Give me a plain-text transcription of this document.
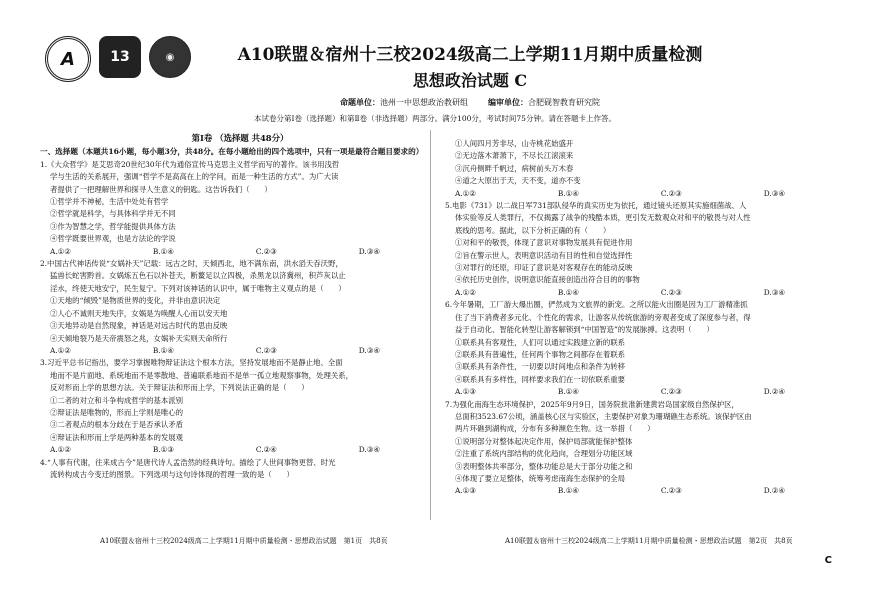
A	13	◉	A10联盟＆宿州十三校2024级高二上学期11月期中质量检测
思想政治试题 C
命题单位：池州一中思想政治教研组	编审单位：合肥砚智教育研究院
本试卷分第Ⅰ卷（选择题）和第Ⅱ卷（非选择题）两部分。满分100分，考试时间75分钟。请在答题卡上作答。
第Ⅰ卷 （选择题 共48分）
一、选择题（本题共16小题，每小题3分，共48分。在每小题给出的四个选项中，只有一项是最符合题目要求的）

1.《大众哲学》是艾思奇20世纪30年代为通俗宣传马克思主义哲学而写的著作。该书用浅哲

学与生活的关系展开，强调“哲学不是高高在上的学问，而是一种生活的方式”。为广大读

者提供了一把理解世界和探寻人生意义的钥匙。这告诉我们（　　）

①哲学并不神秘，生活中处处有哲学

②哲学就是科学，与具体科学并无不同

③作为智慧之学，哲学能提供具体方法

④哲学既要世界观，也是方法论的学说

A.①②	B.①④	C.②③	D.③④

2.中国古代神话传说“女娲补天”记载：远古之时，天倾西北，地不满东南，洪水滔天吞沃野，

猛兽长蛇害黔首。女娲炼五色石以补苍天，断鳌足以立四极，杀黑龙以济冀州，积芦灰以止

淫水，终使天地安宁，民生复宁。下列对该神话的认识中，属于唯物主义观点的是（　　）

①天地的“倾毁”是物质世界的变化，并非由意识决定

②人心不诚则天地失序，女娲是为唤醒人心而以安天地

③天地异动是自然现象，神话是对远古时代的思由反映

④天倾地裂乃是天帝震怒之兆，女娲补天实则天命所行

A.①②	B.①④	C.②③	D.③④

3.习近平总书记指出，要学习掌握唯物辩证法这个根本方法，坚持发展地而不是静止地、全面

地而不是片面地、系统地而不是零散地、普遍联系地而不是单一孤立地观察事物，处理关系，

反对形而上学的思想方法。关于辩证法和形而上学，下列说法正确的是（　　）

①二者的对立和斗争构成哲学的基本派别

②辩证法是唯物的，形而上学则是唯心的

③二者观点的根本分歧在于是否承认矛盾

④辩证法和形而上学是两种基本的发展观

A.①②	B.①③	C.②④	D.③④

4.“人事有代谢，往来成古今”是唐代诗人孟浩然的经典诗句。描绘了人世间事物更替、时光

流转构成古今变迁的图景。下列选项与这句诗体现的哲理一致的是（　　）

①人间四月芳非尽，山寺桃花始盛开

②无边落木萧萧下，不尽长江滚滚来

③沉舟侧畔千帆过，病树前头万木春

④道之大原出于天，天不变，道亦不变

A.①②	B.①④	C.②③	D.③④

5.电影《731》以二战日军731部队侵华的真实历史为依托，通过镜头还原其实施细菌战、人

体实验等反人类罪行，不仅揭露了战争的残酷本质，更引发无数观众对和平的敬畏与对人性

底线的思考。据此，以下分析正确的有（　　）

①对和平的敬畏，体现了意识对事物发展具有促进作用

②旨在警示世人，表明意识活动有目的性和自觉选择性

③对罪行的还原，印证了意识是对客观存在的能动反映

④依托历史创作，说明意识能直接创造出符合目的的事物

A.①②	B.①④	C.②③	D.③④

6.今年暑期，工厂游大爆出圈，俨然成为文旅界的新宠。之所以能火出圈是因为工厂游精准抓

住了当下消费者多元化、个性化的需求，让游客从传统旅游的旁观者变成了深度参与者，得

益于自动化、智能化转型让游客解锁到“中国智造”的发展脉搏。这表明（　　）

①联系具有客观性，人们可以通过实践建立新的联系

②联系具有普遍性，任何两个事物之间都存在着联系

③联系具有条件性，一切要以时间地点和条件为转移

④联系具有多样性，同样要求我们在一切依联系重要

A.①③	B.①④	C.②③	D.②④

7.为强化南海生态环境保护，2025年9月9日，国务院批准新建黄岩岛国家级自然保护区，

总面积3523.67公顷，涵盖核心区与实验区，主要保护对象为珊瑚礁生态系统。该保护区由

两片环礁到湖构成，分布有多种濒危生物。这一举措（　　）

①说明部分对整体起决定作用，保护局部就能保护整体

②注重了系统内部结构的优化趋向，合理划分功能区域

③表明整体共率部分，整体功能总是大于部分功能之和

④体现了要立足整体，统筹考虑南海生态保护的全局

A.①③	B.①④	C.②③	D.②④
A10联盟＆宿州十三校2024级高二上学期11月期中质量检测・思想政治试题　第1页　共8页	A10联盟＆宿州十三校2024级高二上学期11月期中质量检测・思想政治试题　第2页　共8页
C
